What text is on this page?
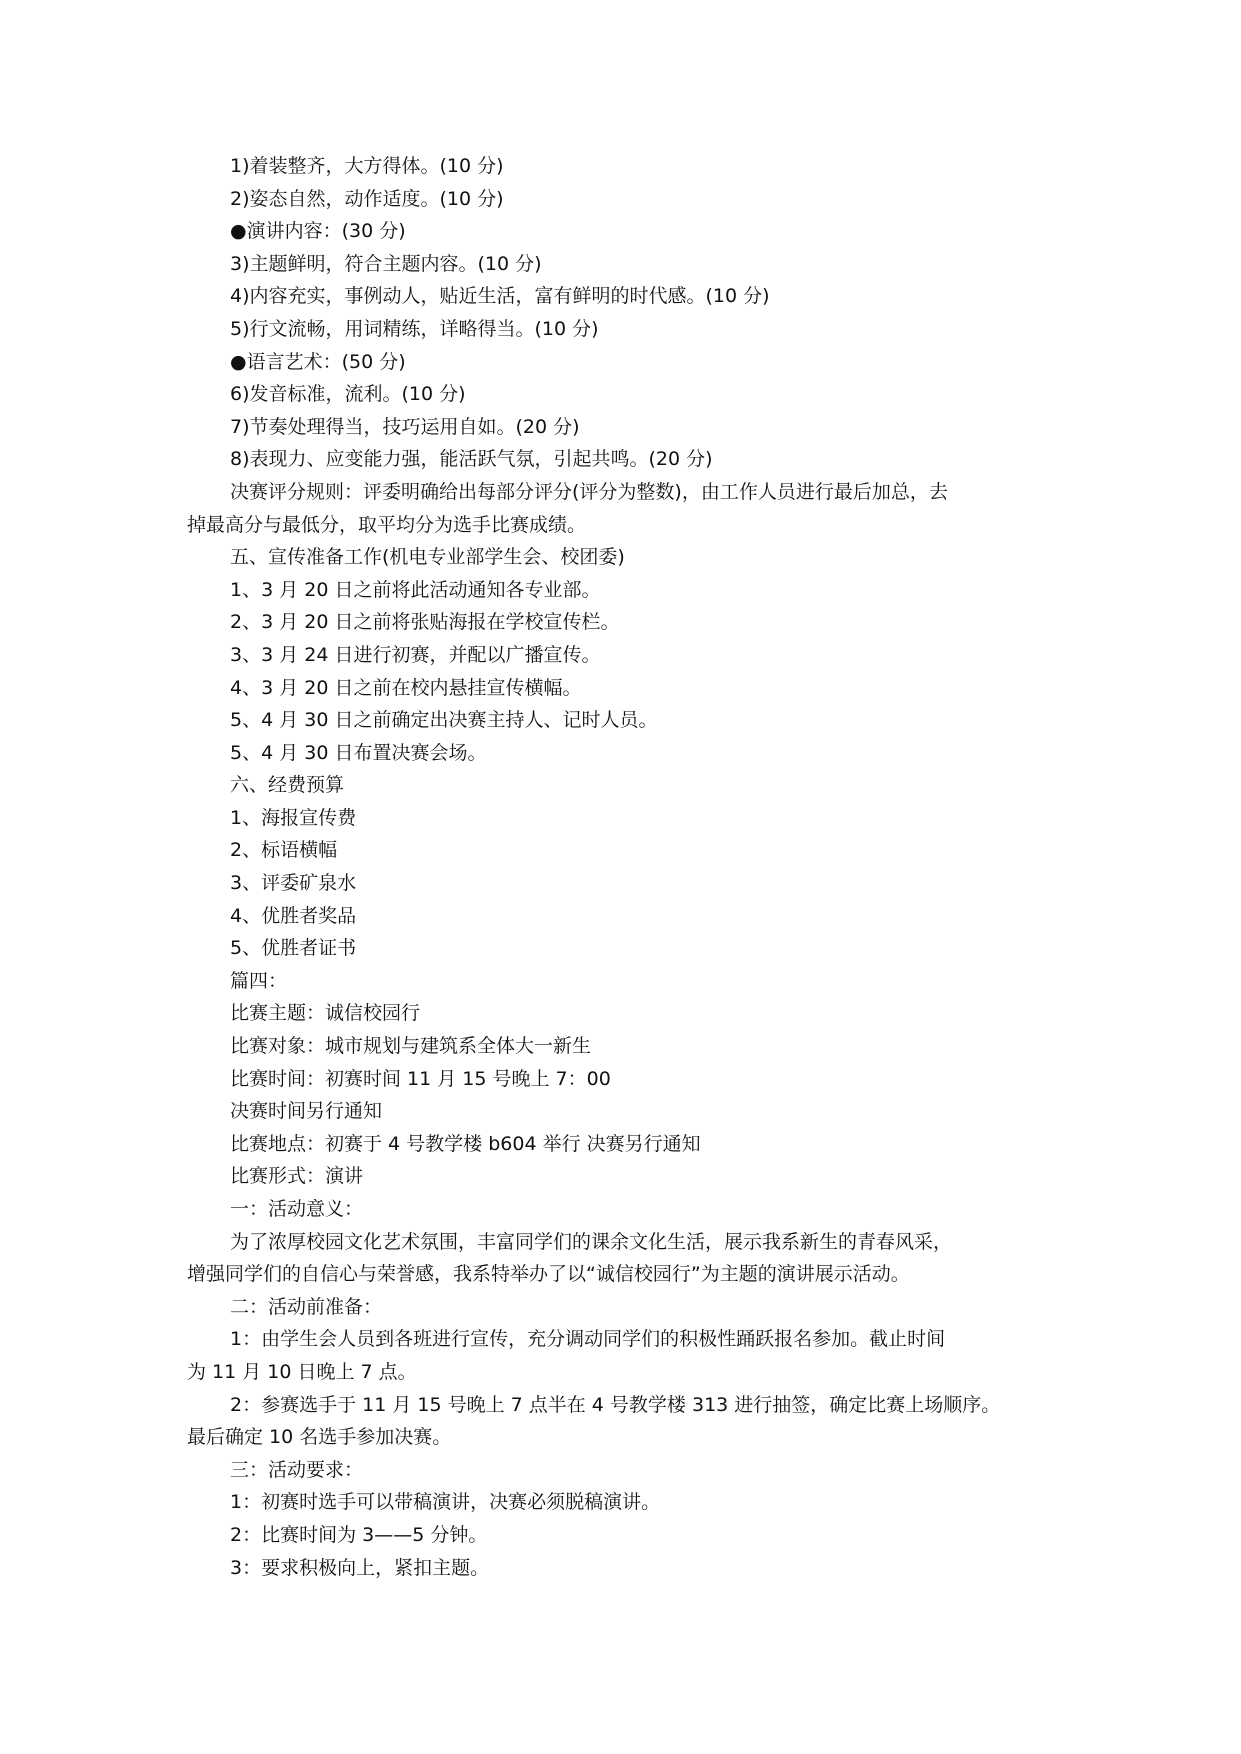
1)着装整齐，大方得体。(10 分)
2)姿态自然，动作适度。(10 分)
●演讲内容：(30 分)
3)主题鲜明，符合主题内容。(10 分)
4)内容充实，事例动人，贴近生活，富有鲜明的时代感。(10 分)
5)行文流畅，用词精练，详略得当。(10 分)
●语言艺术：(50 分)
6)发音标准，流利。(10 分)
7)节奏处理得当，技巧运用自如。(20 分)
8)表现力、应变能力强，能活跃气氛，引起共鸣。(20 分)
决赛评分规则：评委明确给出每部分评分(评分为整数)，由工作人员进行最后加总，去
掉最高分与最低分，取平均分为选手比赛成绩。
五、宣传准备工作(机电专业部学生会、校团委)
1、3 月 20 日之前将此活动通知各专业部。
2、3 月 20 日之前将张贴海报在学校宣传栏。
3、3 月 24 日进行初赛，并配以广播宣传。
4、3 月 20 日之前在校内悬挂宣传横幅。
5、4 月 30 日之前确定出决赛主持人、记时人员。
5、4 月 30 日布置决赛会场。
六、经费预算
1、海报宣传费
2、标语横幅
3、评委矿泉水
4、优胜者奖品
5、优胜者证书
篇四：
比赛主题：诚信校园行
比赛对象：城市规划与建筑系全体大一新生
比赛时间：初赛时间 11 月 15 号晚上 7：00
决赛时间另行通知
比赛地点：初赛于 4 号教学楼 b604 举行 决赛另行通知
比赛形式：演讲
一：活动意义：
为了浓厚校园文化艺术氛围，丰富同学们的课余文化生活，展示我系新生的青春风采，
增强同学们的自信心与荣誉感，我系特举办了以“诚信校园行”为主题的演讲展示活动。
二：活动前准备：
1：由学生会人员到各班进行宣传，充分调动同学们的积极性踊跃报名参加。截止时间
为 11 月 10 日晚上 7 点。
2：参赛选手于 11 月 15 号晚上 7 点半在 4 号教学楼 313 进行抽签，确定比赛上场顺序。
最后确定 10 名选手参加决赛。
三：活动要求：
1：初赛时选手可以带稿演讲，决赛必须脱稿演讲。
2：比赛时间为 3——5 分钟。
3：要求积极向上，紧扣主题。
